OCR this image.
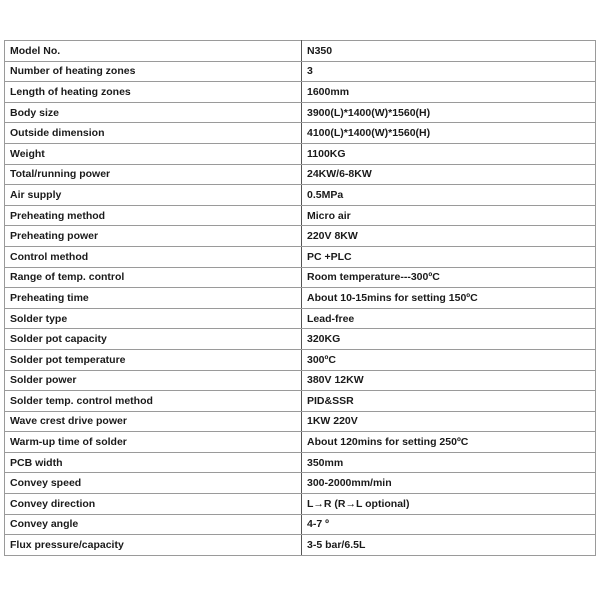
Model No.	N350
Number of heating zones	3
Length of heating zones	1600mm
Body size	3900(L)*1400(W)*1560(H)
Outside dimension	4100(L)*1400(W)*1560(H)
Weight	1100KG
Total/running power	24KW/6-8KW
Air supply	0.5MPa
Preheating method	Micro air
Preheating power	220V 8KW
Control method	PC +PLC
Range of temp. control	Room temperature---300ºC
Preheating time	About 10-15mins for setting 150ºC
Solder type	Lead-free
Solder pot capacity	320KG
Solder pot temperature	300ºC
Solder power	380V 12KW
Solder temp. control method	PID&SSR
Wave crest drive power	1KW 220V
Warm-up time of solder	About 120mins for setting 250ºC
PCB width	350mm
Convey speed	300-2000mm/min
Convey direction	L→R (R→L optional)
Convey angle	4-7 º
Flux pressure/capacity	3-5 bar/6.5L
